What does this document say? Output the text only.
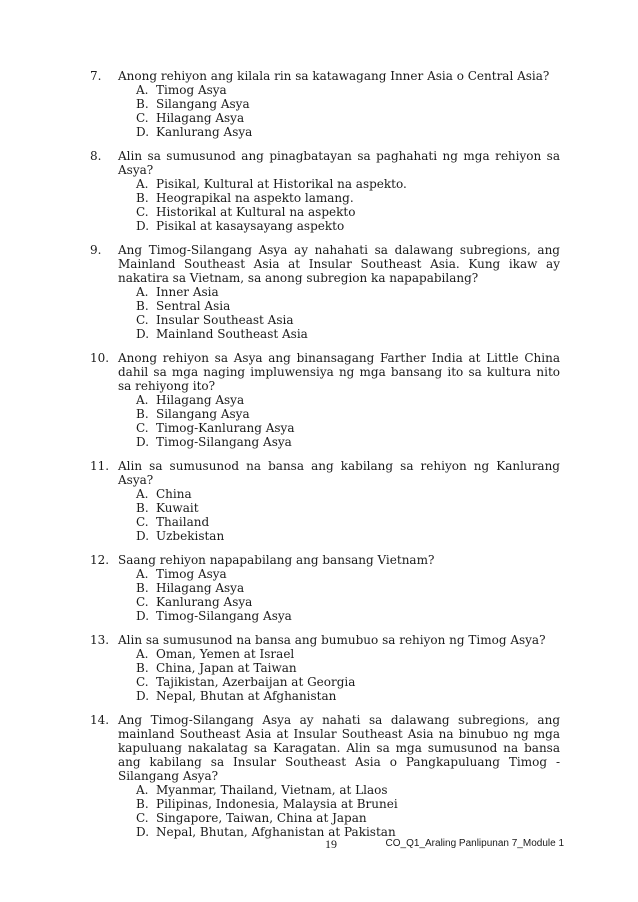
7.	Anong rehiyon ang kilala rin sa katawagang Inner Asia o Central Asia?
A. Timog Asya
B. Silangang Asya
C. Hilagang Asya
D. Kanlurang Asya
8.	Alin sa sumusunod ang pinagbatayan sa paghahati ng mga rehiyon sa Asya?
A. Pisikal, Kultural at Historikal na aspekto.
B. Heograpikal na aspekto lamang.
C. Historikal at Kultural na aspekto
D. Pisikal at kasaysayang aspekto
9.	Ang Timog-Silangang Asya ay nahahati sa dalawang subregions, ang Mainland Southeast Asia at Insular Southeast Asia. Kung ikaw ay nakatira sa Vietnam, sa anong subregion ka napapabilang?
A. Inner Asia
B. Sentral Asia
C. Insular Southeast Asia
D. Mainland Southeast Asia
10. Anong rehiyon sa Asya ang binansagang Farther India at Little China dahil sa mga naging impluwensiya ng mga bansang ito sa kultura nito sa rehiyong ito?
A. Hilagang Asya
B. Silangang Asya
C. Timog-Kanlurang Asya
D. Timog-Silangang Asya
11. Alin sa sumusunod na bansa ang kabilang sa rehiyon ng Kanlurang Asya?
A. China
B. Kuwait
C. Thailand
D. Uzbekistan
12. Saang rehiyon napapabilang ang bansang Vietnam?
A. Timog Asya
B. Hilagang Asya
C. Kanlurang Asya
D. Timog-Silangang Asya
13. Alin sa sumusunod na bansa ang bumubuo sa rehiyon ng Timog Asya?
A. Oman, Yemen at Israel
B. China, Japan at Taiwan
C. Tajikistan, Azerbaijan at Georgia
D. Nepal, Bhutan at Afghanistan
14. Ang Timog-Silangang Asya ay nahati sa dalawang subregions, ang mainland Southeast Asia at Insular Southeast Asia na binubuo ng mga kapuluang nakalatag sa Karagatan. Alin sa mga sumusunod na bansa ang kabilang sa Insular Southeast Asia o Pangkapuluang Timog -Silangang Asya?
A. Myanmar, Thailand, Vietnam, at Llaos
B. Pilipinas, Indonesia, Malaysia at Brunei
C. Singapore, Taiwan, China at Japan
D. Nepal, Bhutan, Afghanistan at Pakistan
19	CO_Q1_Araling Panlipunan 7_Module 1
